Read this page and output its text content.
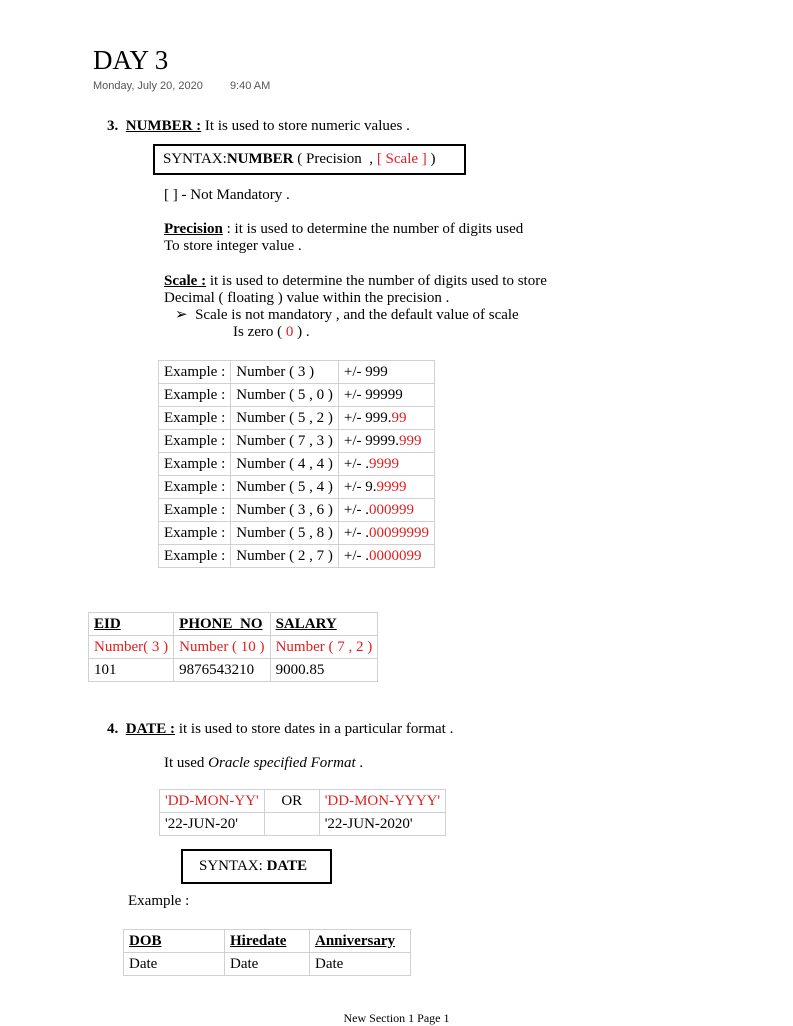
DAY 3
Monday, July 20, 2020 9:40 AM
3. NUMBER : It is used to store numeric values .
SYNTAX: NUMBER ( Precision  , [ Scale ] )
[ ] - Not Mandatory .
Precision : it is used to determine the number of digits used
To store integer value .
Scale : it is used to determine the number of digits used to store
Decimal ( floating ) value within the precision .
➢ Scale is not mandatory , and the default value of scale
Is zero ( 0 ) .
Example :	Number ( 3 )	+/- 999
Example :	Number ( 5 , 0 )	+/- 99999
Example :	Number ( 5 , 2 )	+/- 999.99
Example :	Number ( 7 , 3 )	+/- 9999.999
Example :	Number ( 4 , 4 )	+/- .9999
Example :	Number ( 5 , 4 )	+/- 9.9999
Example :	Number ( 3 , 6 )	+/- .000999
Example :	Number ( 5 , 8 )	+/- .00099999
Example :	Number ( 2 , 7 )	+/- .0000099
EID	PHONE_NO	SALARY
Number( 3 )	Number ( 10 )	Number ( 7 , 2 )
101	9876543210	9000.85
4. DATE : it is used to store dates in a particular format .
It used Oracle specified Format .
'DD-MON-YY'	OR	'DD-MON-YYYY'
'22-JUN-20'		'22-JUN-2020'
SYNTAX: DATE
Example :
DOB	Hiredate	Anniversary
Date	Date	Date
New Section 1 Page 1
